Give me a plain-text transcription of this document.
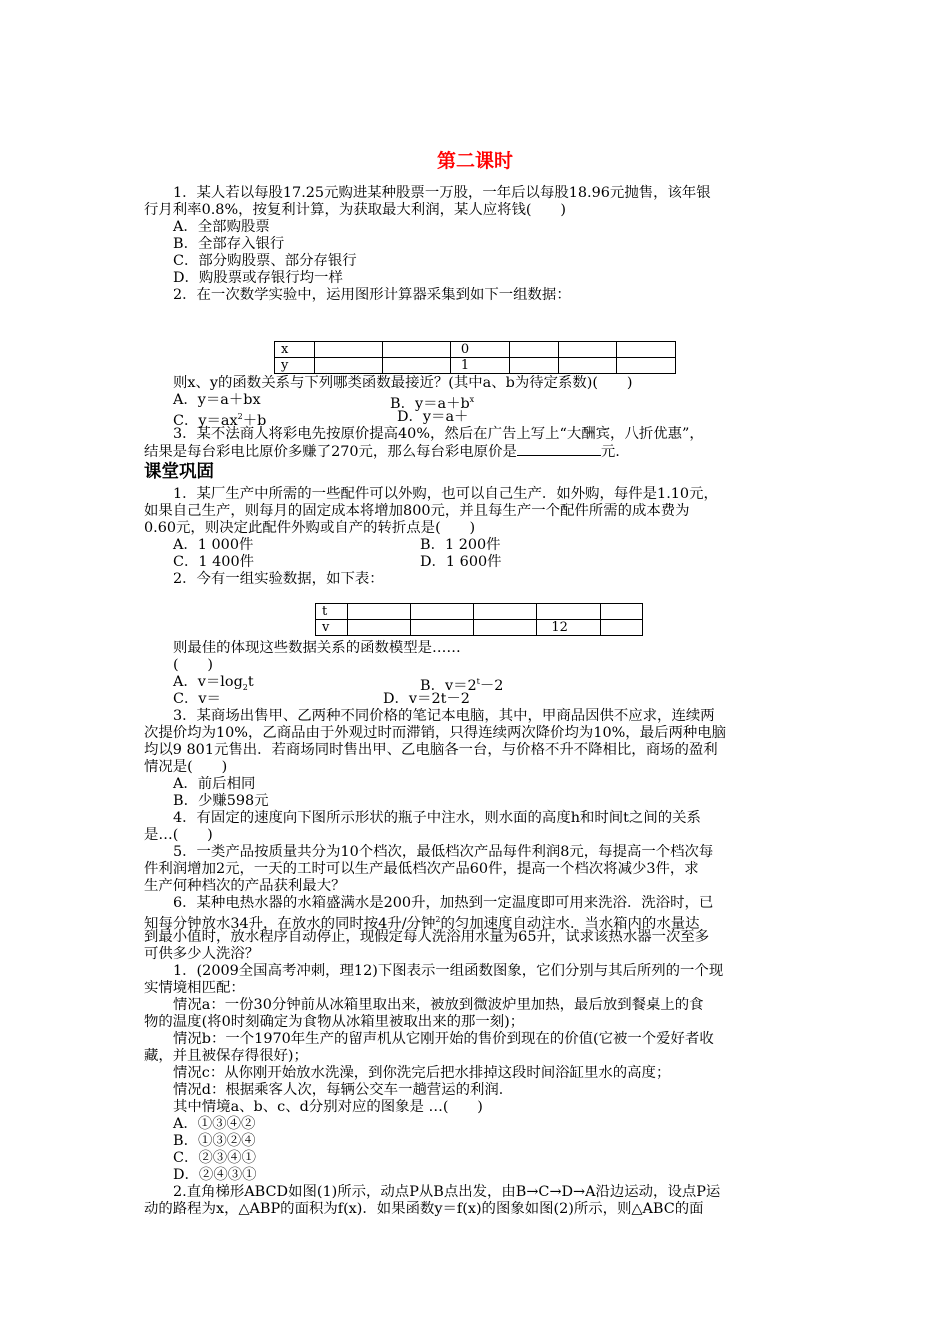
第二课时
1．某人若以每股17.25元购进某种股票一万股，一年后以每股18.96元抛售，该年银
行月利率0.8%，按复利计算，为获取最大利润，某人应将钱(　　)
A．全部购股票
B．全部存入银行
C．部分购股票、部分存银行
D．购股票或存银行均一样
2．在一次数学实验中，运用图形计算器采集到如下一组数据：
x			0			
y			1			
则x、y的函数关系与下列哪类函数最接近？(其中a、b为待定系数)(　　)
A．y＝a＋bx	B．$y=a+b^x$
C．$y=ax^2+b$	D．y＝a＋
3．某不法商人将彩电先按原价提高40%，然后在广告上写上“大酬宾，八折优惠”，
结果是每台彩电比原价多赚了270元，那么每台彩电原价是	元.
课堂巩固
1．某厂生产中所需的一些配件可以外购，也可以自己生产．如外购，每件是1.10元，
如果自己生产，则每月的固定成本将增加800元，并且每生产一个配件所需的成本费为
0.60元，则决定此配件外购或自产的转折点是(　　)
A．1 000件	B．1 200件
C．1 400件	D．1 600件
2．今有一组实验数据，如下表：
t					
v				12	
则最佳的体现这些数据关系的函数模型是……
(　　)
A．$v=\log_2t$	B．$v=2^t-2$
C．v＝	D．v＝2t－2
3．某商场出售甲、乙两种不同价格的笔记本电脑，其中，甲商品因供不应求，连续两
次提价均为10%，乙商品由于外观过时而滞销，只得连续两次降价均为10%，最后两种电脑
均以9 801元售出．若商场同时售出甲、乙电脑各一台，与价格不升不降相比，商场的盈利
情况是(　　)
A．前后相同
B．少赚598元
4．有固定的速度向下图所示形状的瓶子中注水，则水面的高度h和时间t之间的关系
是…(　　)
5．一类产品按质量共分为10个档次，最低档次产品每件利润8元，每提高一个档次每
件利润增加2元，一天的工时可以生产最低档次产品60件，提高一个档次将减少3件，求
生产何种档次的产品获利最大？
6．某种电热水器的水箱盛满水是200升，加热到一定温度即可用来洗浴．洗浴时，已
知每分钟放水34升，在放水的同时按4升/分钟$^2$的匀加速度自动注水．当水箱内的水量达
到最小值时，放水程序自动停止，现假定每人洗浴用水量为65升，试求该热水器一次至多
可供多少人洗浴？
1．(2009全国高考冲刺，理12)下图表示一组函数图象，它们分别与其后所列的一个现
实情境相匹配：
情况a：一份30分钟前从冰箱里取出来，被放到微波炉里加热，最后放到餐桌上的食
物的温度(将0时刻确定为食物从冰箱里被取出来的那一刻)；
情况b：一个1970年生产的留声机从它刚开始的售价到现在的价值(它被一个爱好者收
藏，并且被保存得很好)；
情况c：从你刚开始放水洗澡，到你洗完后把水排掉这段时间浴缸里水的高度；
情况d：根据乘客人次，每辆公交车一趟营运的利润．
其中情境a、b、c、d分别对应的图象是 …(　　)
A．①③④②
B．①③②④
C．②③④①
D．②④③①
2.直角梯形ABCD如图(1)所示，动点P从B点出发，由B→C→D→A沿边运动，设点P运
动的路程为x，△ABP的面积为f(x)．如果函数y＝f(x)的图象如图(2)所示，则△ABC的面
